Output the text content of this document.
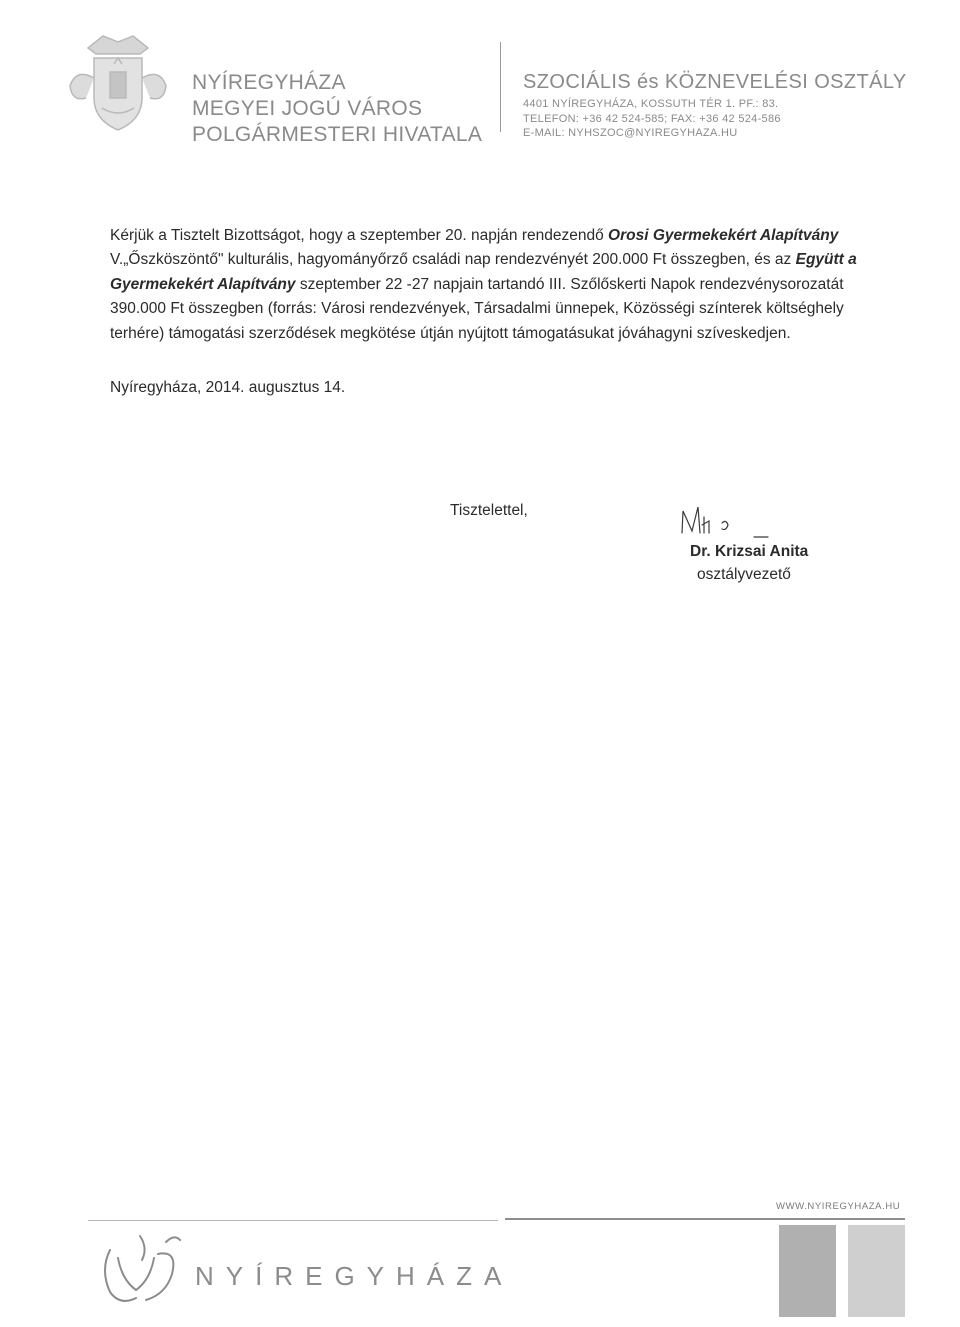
NYÍREGYHÁZA
MEGYEI JOGÚ VÁROS
POLGÁRMESTERI HIVATALA
SZOCIÁLIS és KÖZNEVELÉSI OSZTÁLY
4401 NYÍREGYHÁZA, KOSSUTH TÉR 1. PF.: 83.
TELEFON: +36 42 524-585; FAX: +36 42 524-586
E-MAIL: NYHSZOC@NYIREGYHAZA.HU
Kérjük a Tisztelt Bizottságot, hogy a szeptember 20. napján rendezendő Orosi Gyermekekért Alapítvány
V.„Őszköszöntő" kulturális, hagyományőrző családi nap rendezvényét 200.000 Ft összegben, és az Együtt a
Gyermekekért Alapítvány szeptember 22 -27 napjain tartandó III. Szőlőskerti Napok rendezvénysorozatát
390.000 Ft összegben (forrás: Városi rendezvények, Társadalmi ünnepek, Közösségi színterek költséghely
terhére) támogatási szerződések megkötése útján nyújtott támogatásukat jóváhagyni szíveskedjen.
Nyíregyháza, 2014. augusztus 14.
Tisztelettel,
Dr. Krizsai Anita
osztályvezető
WWW.NYIREGYHAZA.HU
NYÍREGYHÁZA
